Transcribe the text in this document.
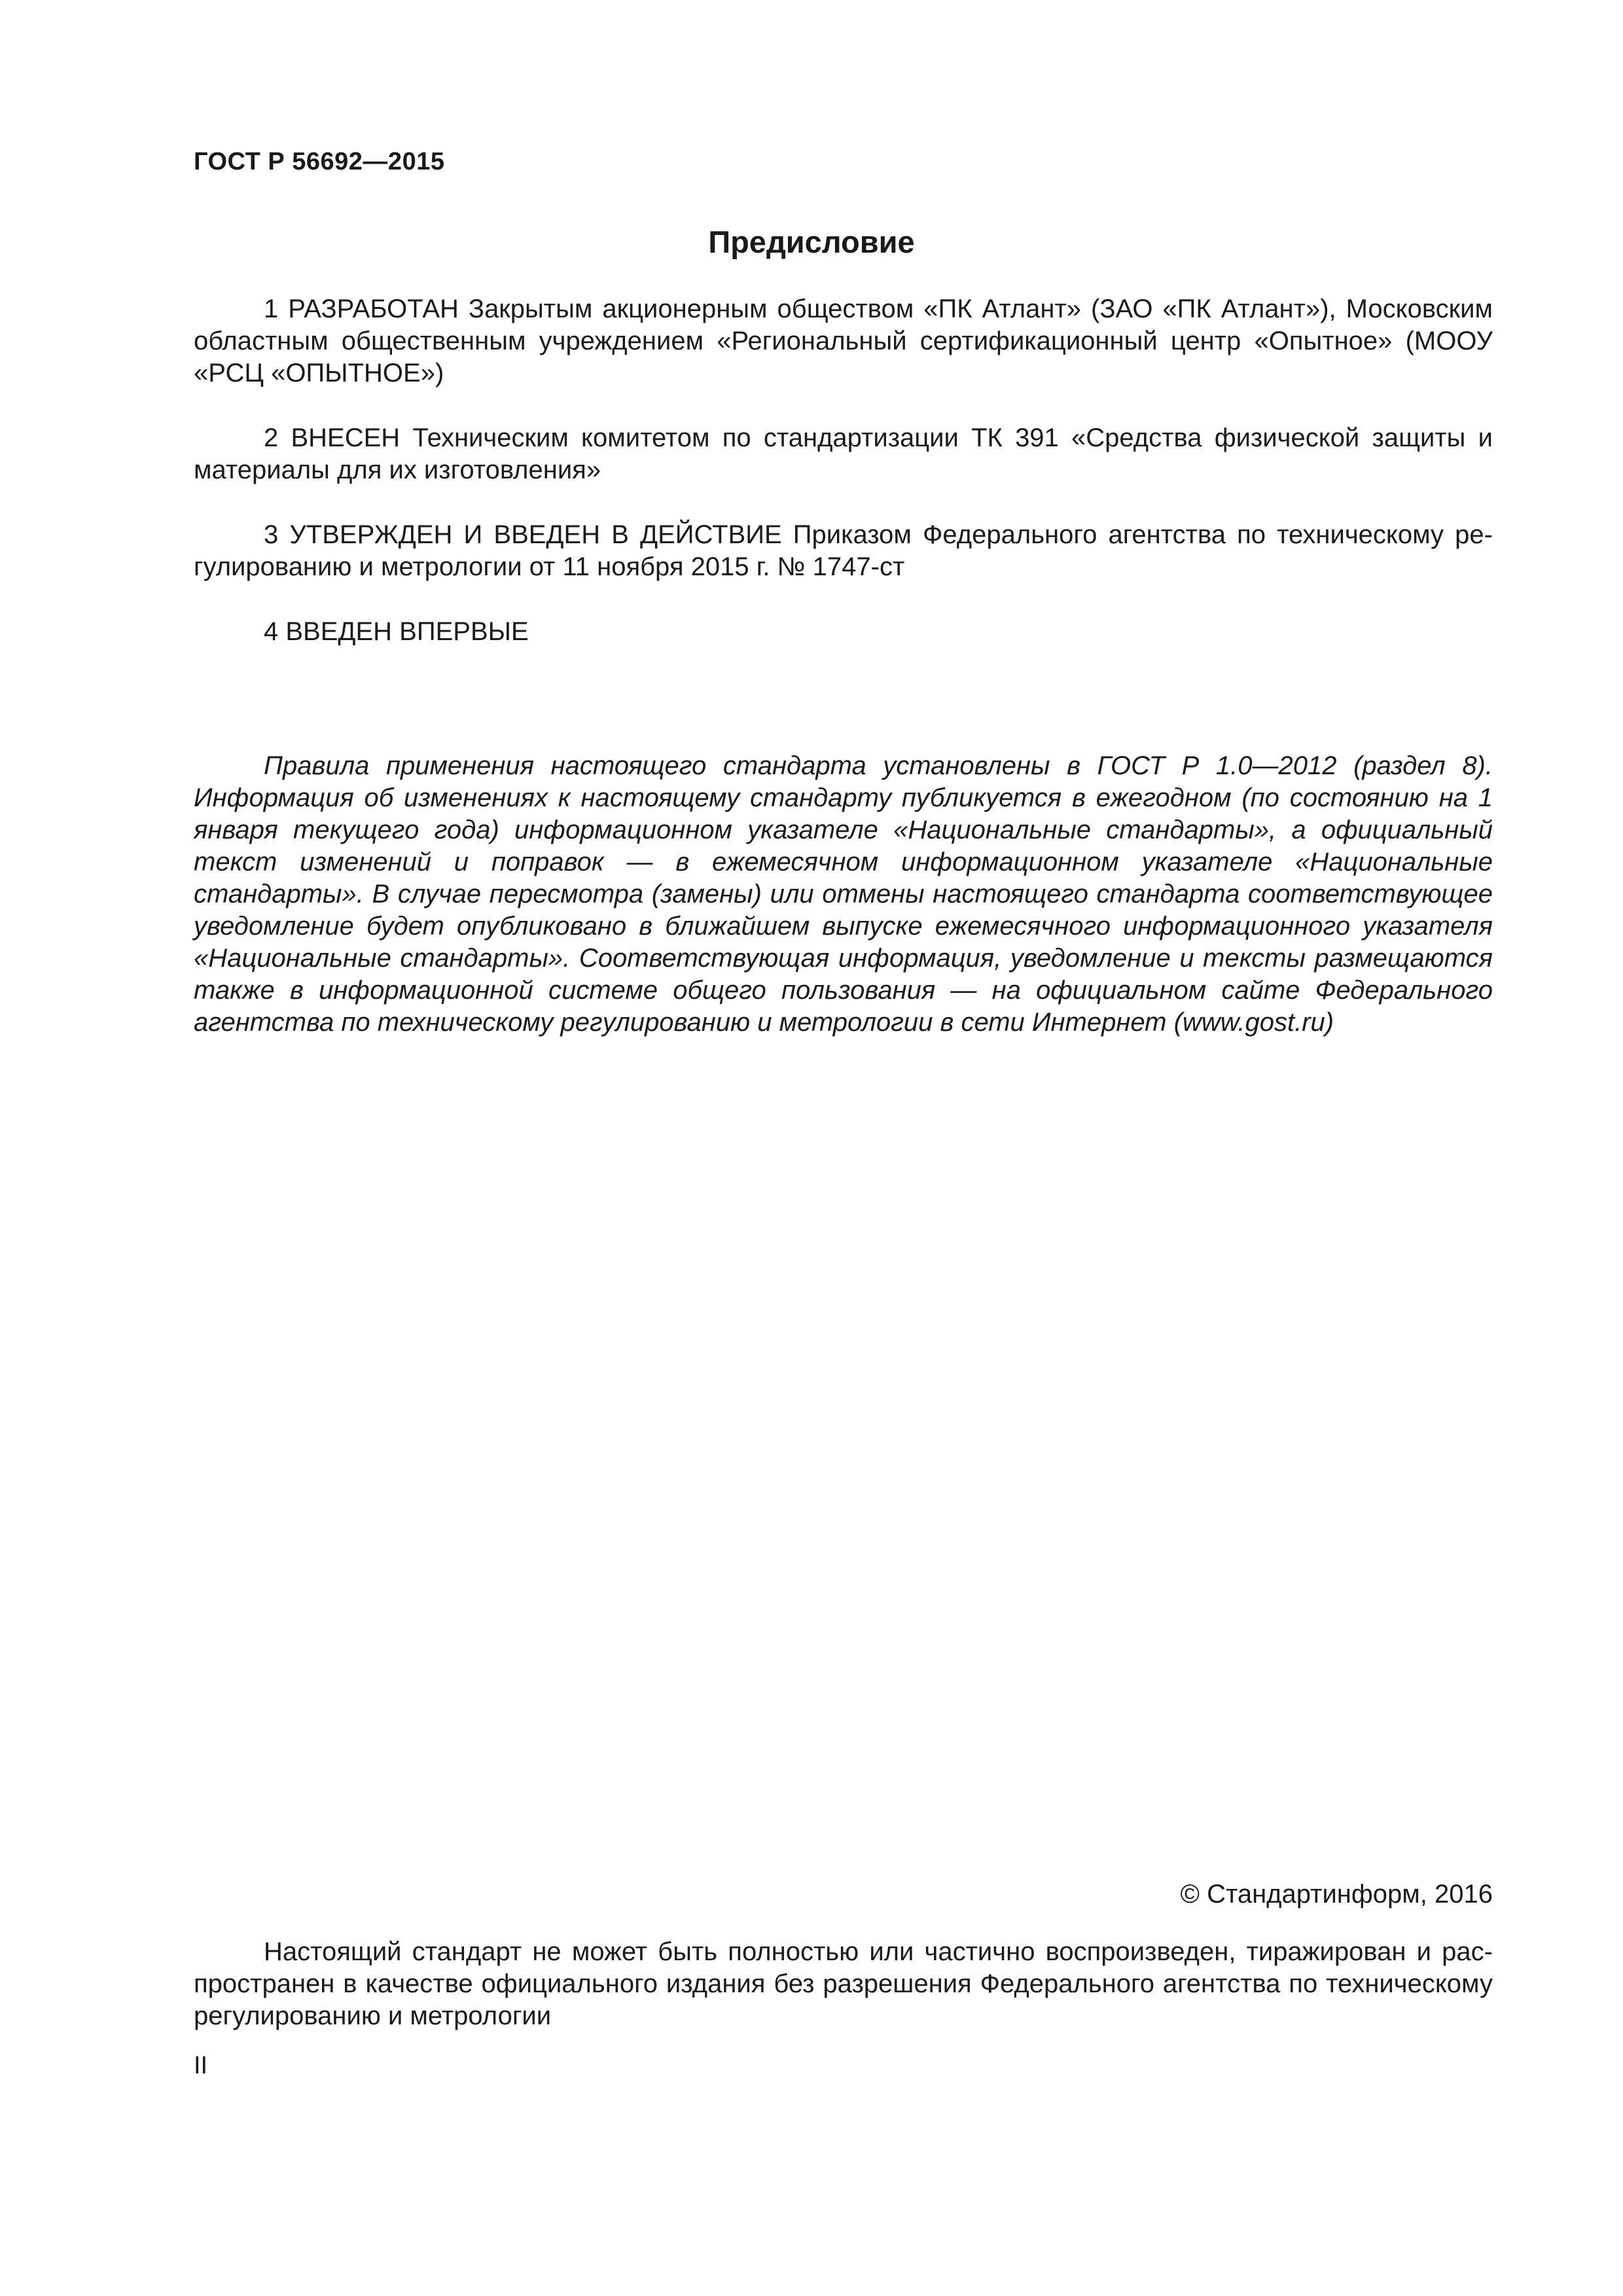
ГОСТ Р 56692—2015
Предисловие

1 РАЗРАБОТАН Закрытым акционерным обществом «ПК Атлант» (ЗАО «ПК Атлант»), Московским областным общественным учреждением «Региональный сертификационный центр «Опытное» (МООУ «РСЦ «ОПЫТНОЕ»)

2 ВНЕСЕН Техническим комитетом по стандартизации ТК 391 «Средства физической защиты и материалы для их изготовления»

3 УТВЕРЖДЕН И ВВЕДЕН В ДЕЙСТВИЕ Приказом Федерального агентства по техническому регулированию и метрологии от 11 ноября 2015 г. № 1747-ст

4 ВВЕДЕН ВПЕРВЫЕ

Правила применения настоящего стандарта установлены в ГОСТ Р 1.0—2012 (раздел 8). Информация об изменениях к настоящему стандарту публикуется в ежегодном (по состоянию на 1 января текущего года) информационном указателе «Национальные стандарты», а официальный текст изменений и поправок — в ежемесячном информационном указателе «Национальные стандарты». В случае пересмотра (замены) или отмены настоящего стандарта соответствующее уведомление будет опубликовано в ближайшем выпуске ежемесячного информационного указателя «Национальные стандарты». Соответствующая информация, уведомление и тексты размещаются также в информационной системе общего пользования — на официальном сайте Федерального агентства по техническому регулированию и метрологии в сети Интернет (www.gost.ru)

© Стандартинформ, 2016

Настоящий стандарт не может быть полностью или частично воспроизведен, тиражирован и распространен в качестве официального издания без разрешения Федерального агентства по техническому регулированию и метрологии

II
